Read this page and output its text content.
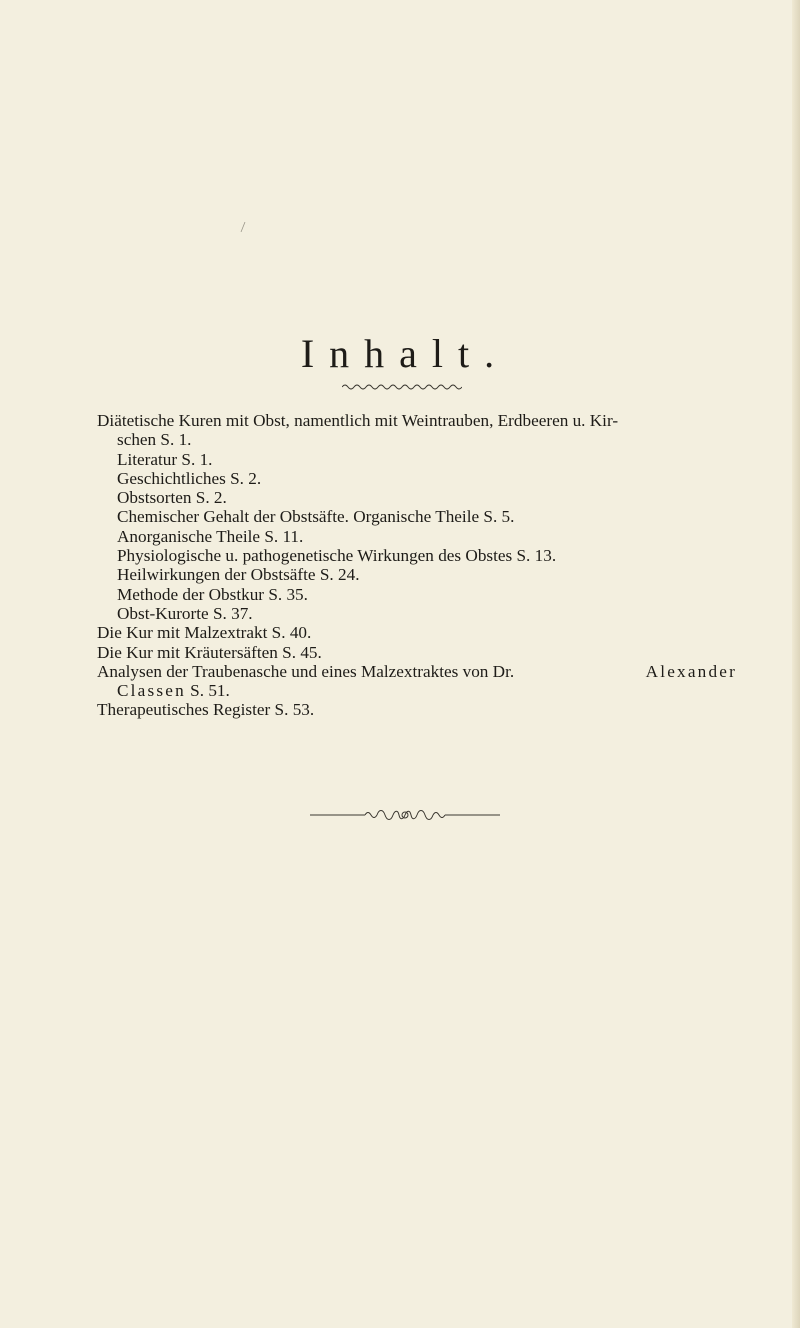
Inhalt.
Diätetische Kuren mit Obst, namentlich mit Weintrauben, Erdbeeren u. Kir-
schen S. 1.
Literatur S. 1.
Geschichtliches S. 2.
Obstsorten S. 2.
Chemischer Gehalt der Obstsäfte. Organische Theile S. 5.
Anorganische Theile S. 11.
Physiologische u. pathogenetische Wirkungen des Obstes S. 13.
Heilwirkungen der Obstsäfte S. 24.
Methode der Obstkur S. 35.
Obst-Kurorte S. 37.
Die Kur mit Malzextrakt S. 40.
Die Kur mit Kräutersäften S. 45.
Analysen der Traubenasche und eines Malzextraktes von Dr.	Alexander
Classen S. 51.
Therapeutisches Register S. 53.
